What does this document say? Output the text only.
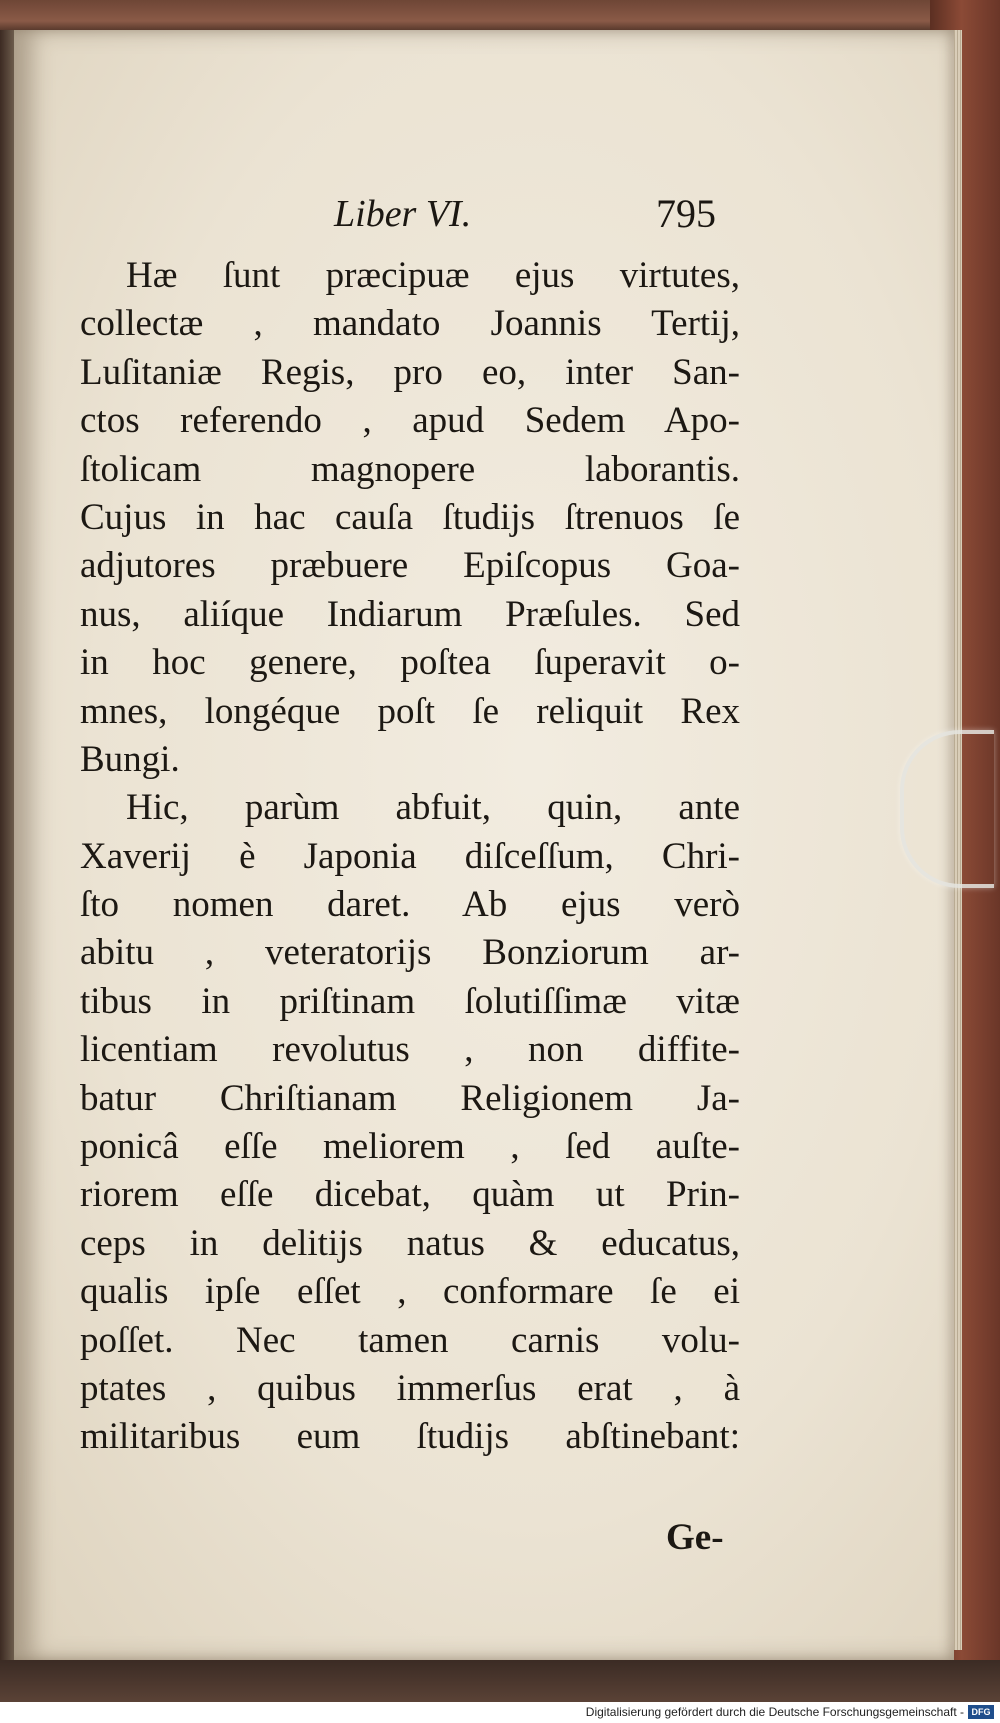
Liber VI.	795
Hæ ſunt præcipuæ ejus virtutes,
collectæ , mandato Joannis Tertij,
Luſitaniæ Regis, pro eo, inter San-
ctos referendo , apud Sedem Apo-
ſtolicam magnopere laborantis.
Cujus in hac cauſa ſtudijs ſtrenuos ſe
adjutores præbuere Epiſcopus Goa-
nus, aliíque Indiarum Præſules. Sed
in hoc genere, poſtea ſuperavit o-
mnes, longéque poſt ſe reliquit Rex
Bungi.
Hic, parùm abfuit, quin, ante
Xaverij è Japonia diſceſſum, Chri-
ſto nomen daret. Ab ejus verò
abitu , veteratorijs Bonziorum ar-
tibus in priſtinam ſolutiſſimæ vitæ
licentiam revolutus , non diffite-
batur Chriſtianam Religionem Ja-
ponicâ eſſe meliorem , ſed auſte-
riorem eſſe dicebat, quàm ut Prin-
ceps in delitijs natus & educatus,
qualis ipſe eſſet , conformare ſe ei
poſſet. Nec tamen carnis volu-
ptates , quibus immerſus erat , à
militaribus eum ſtudijs abſtinebant:
Ge-
Digitalisierung gefördert durch die Deutsche Forschungsgemeinschaft - DFG
